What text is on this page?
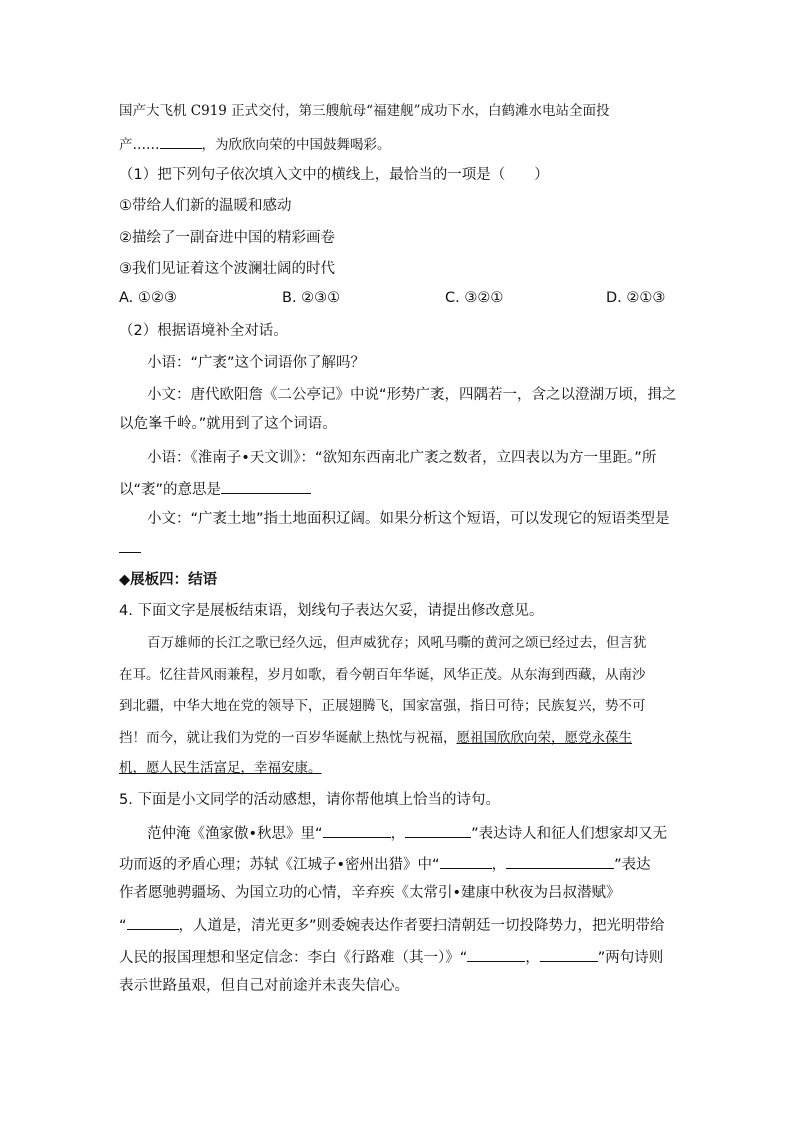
国产大飞机 C919 正式交付，第三艘航母“福建舰”成功下水，白鹤滩水电站全面投
产……	，为欣欣向荣的中国鼓舞喝彩。
（1）把下列句子依次填入文中的横线上，最恰当的一项是（　　）
①带给人们新的温暖和感动
②描绘了一副奋进中国的精彩画卷
③我们见证着这个波澜壮阔的时代
A. ①②③	B. ②③①	C. ③②①	D. ②①③
（2）根据语境补全对话。
小语：“广袤”这个词语你了解吗？
小文：唐代欧阳詹《二公亭记》中说“形势广袤，四隅若一，含之以澄湖万顷，揖之
以危峯千岭。”就用到了这个词语。
小语：《淮南子•天文训》：“欲知东西南北广袤之数者，立四表以为方一里距。”所
以“袤”的意思是
小文：“广袤土地”指土地面积辽阔。如果分析这个短语，可以发现它的短语类型是
◆展板四：结语
4. 下面文字是展板结束语，划线句子表达欠妥，请提出修改意见。
百万雄师的长江之歌已经久远，但声威犹存；风吼马嘶的黄河之颂已经过去，但言犹
在耳。忆往昔风雨兼程，岁月如歌，看今朝百年华诞，风华正茂。从东海到西藏，从南沙
到北疆，中华大地在党的领导下，正展翅腾飞，国家富强，指日可待；民族复兴，势不可
挡！而今，就让我们为党的一百岁华诞献上热忱与祝福，愿祖国欣欣向荣，愿党永葆生
机，愿人民生活富足，幸福安康。
5. 下面是小文同学的活动感想，请你帮他填上恰当的诗句。
范仲淹《渔家傲•秋思》里“	，	”表达诗人和征人们想家却又无
功而返的矛盾心理；苏轼《江城子•密州出猎》中“	，	”表达
作者愿驰骋疆场、为国立功的心情，辛弃疾《太常引•建康中秋夜为吕叔潜赋》
“	，人道是，清光更多”则委婉表达作者要扫清朝廷一切投降势力，把光明带给
人民的报国理想和坚定信念：李白《行路难（其一）》“	，	”两句诗则
表示世路虽艰，但自己对前途并未丧失信心。
